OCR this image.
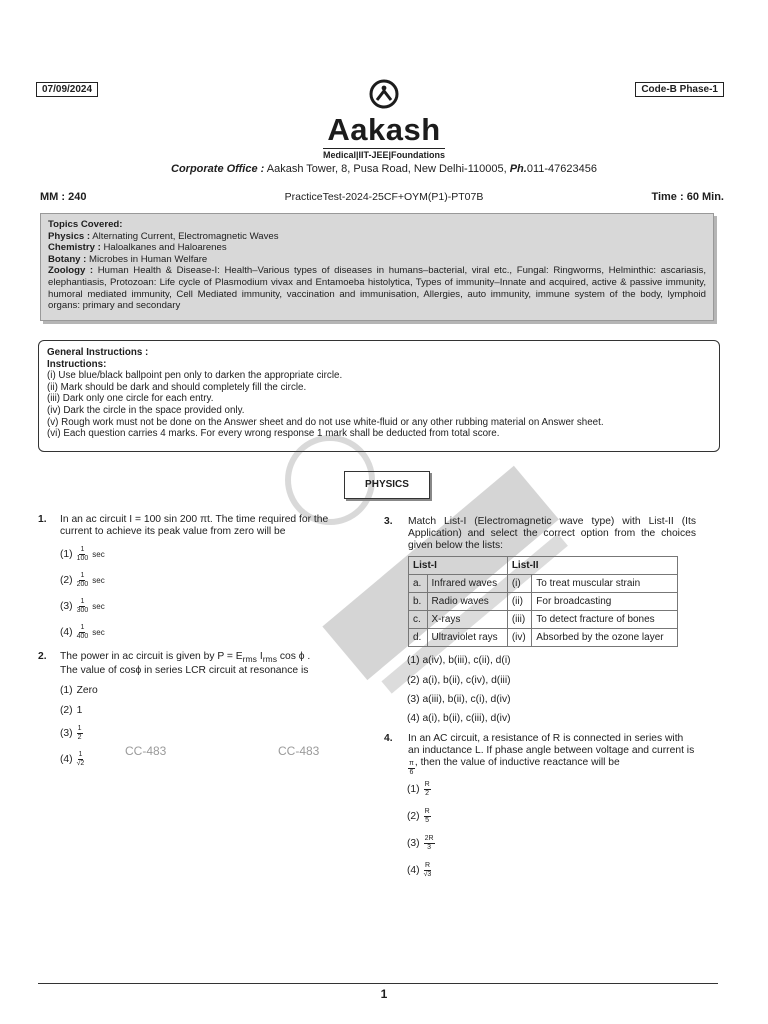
07/09/2024	Code-B Phase-1
Aakash
Medical|IIT-JEE|Foundations
Corporate Office : Aakash Tower, 8, Pusa Road, New Delhi-110005, Ph.011-47623456
PracticeTest-2024-25CF+OYM(P1)-PT07B
MM : 240	Time : 60 Min.
Topics Covered:
Physics : Alternating Current, Electromagnetic Waves
Chemistry : Haloalkanes and Haloarenes
Botany : Microbes in Human Welfare
Zoology : Human Health & Disease-I: Health–Various types of diseases in humans–bacterial, viral etc., Fungal: Ringworms, Helminthic: ascariasis, elephantiasis, Protozoan: Life cycle of Plasmodium vivax and Entamoeba histolytica, Types of immunity–Innate and acquired, active & passive immunity, humoral mediated immunity, Cell Mediated immunity, vaccination and immunisation, Allergies, auto immunity, immune system of the body, lymphoid organs: primary and secondary
General Instructions :
Instructions:
(i) Use blue/black ballpoint pen only to darken the appropriate circle.
(ii) Mark should be dark and should completely fill the circle.
(iii) Dark only one circle for each entry.
(iv) Dark the circle in the space provided only.
(v) Rough work must not be done on the Answer sheet and do not use white-fluid or any other rubbing material on Answer sheet.
(vi) Each question carries 4 marks. For every wrong response 1 mark shall be deducted from total score.
PHYSICS
1. In an ac circuit I = 100 sin 200 πt. The time required for the current to achieve its peak value from zero will be
$(1) \frac{1}{100}$ sec
$(2) \frac{1}{200}$ sec
$(3) \frac{1}{300}$ sec
$(4) \frac{1}{400}$ sec
2. The power in ac circuit is given by $P = E_{rms}$ $I_{rms}$ cos ϕ .
The value of cosϕ in series LCR circuit at resonance is
(1) Zero
(2) 1
$(3) \frac{1}{2}$
$(4) \frac{1}{√2}$	CC-483	CC-483
3. Match List-I (Electromagnetic wave type) with List-II (Its Application) and select the correct option from the choices given below the lists:
List-I		List-II	
a.	Infrared waves	(i)	To treat muscular strain
b.	Radio waves	(ii)	For broadcasting
c.	X-rays	(iii)	To detect fracture of bones
d.	Ultraviolet rays	(iv)	Absorbed by the ozone layer
(1) a(iv), b(iii), c(ii), d(i)
(2) a(i), b(ii), c(iv), d(iii)
(3) a(iii), b(ii), c(i), d(iv)
(4) a(i), b(ii), c(iii), d(iv)
4. In an AC circuit, a resistance of R is connected in series with an inductance L. If phase angle between voltage and current is
$\frac{\pi}{6}$ , then the value of inductive reactance will be
$(1) \frac{R}{2}$
$(2) \frac{R}{5}$
$(3) \frac{2R}{3}$
$(4) \frac{R}{√3}$
1
